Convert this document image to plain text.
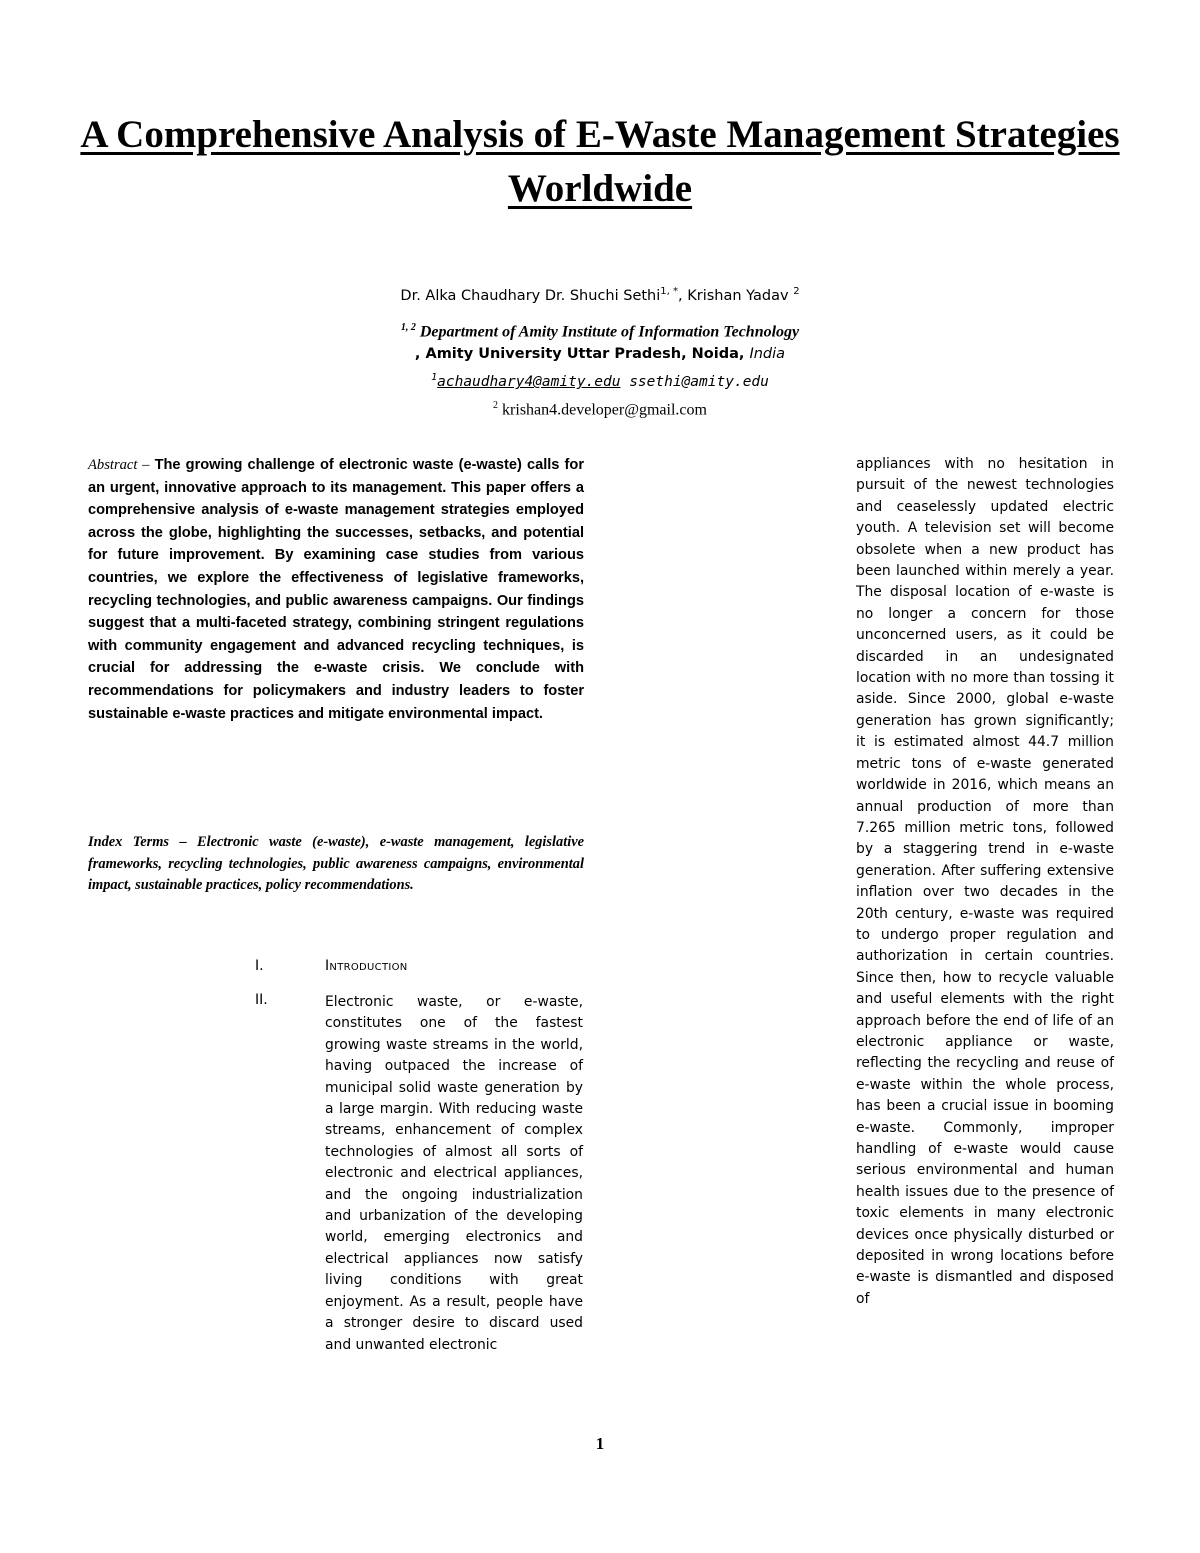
A Comprehensive Analysis of E-Waste Management Strategies Worldwide
Dr. Alka Chaudhary Dr. Shuchi Sethi$^{1, *}$, Krishan Yadav $^2$
$^{1, 2}$ Department of Amity Institute of Information Technology
, Amity University Uttar Pradesh, Noida, India
$^1$achaudhary4@amity.edu ssethi@amity.edu
$^2$ krishan4.developer@gmail.com
Abstract – The growing challenge of electronic waste (e-waste) calls for an urgent, innovative approach to its management. This paper offers a comprehensive analysis of e-waste management strategies employed across the globe, highlighting the successes, setbacks, and potential for future improvement. By examining case studies from various countries, we explore the effectiveness of legislative frameworks, recycling technologies, and public awareness campaigns. Our findings suggest that a multi-faceted strategy, combining stringent regulations with community engagement and advanced recycling techniques, is crucial for addressing the e-waste crisis. We conclude with recommendations for policymakers and industry leaders to foster sustainable e-waste practices and mitigate environmental impact.
Index Terms – Electronic waste (e-waste), e-waste management, legislative frameworks, recycling technologies, public awareness campaigns, environmental impact, sustainable practices, policy recommendations.
I.	Introduction
II.	Electronic waste, or e-waste, constitutes one of the fastest growing waste streams in the world, having outpaced the increase of municipal solid waste generation by a large margin. With reducing waste streams, enhancement of complex technologies of almost all sorts of electronic and electrical appliances, and the ongoing industrialization and urbanization of the developing world, emerging electronics and electrical appliances now satisfy living conditions with great enjoyment. As a result, people have a stronger desire to discard used and unwanted electronic
appliances with no hesitation in pursuit of the newest technologies and ceaselessly updated electric youth. A television set will become obsolete when a new product has been launched within merely a year. The disposal location of e-waste is no longer a concern for those unconcerned users, as it could be discarded in an undesignated location with no more than tossing it aside. Since 2000, global e-waste generation has grown significantly; it is estimated almost 44.7 million metric tons of e-waste generated worldwide in 2016, which means an annual production of more than 7.265 million metric tons, followed by a staggering trend in e-waste generation. After suffering extensive inflation over two decades in the 20th century, e-waste was required to undergo proper regulation and authorization in certain countries. Since then, how to recycle valuable and useful elements with the right approach before the end of life of an electronic appliance or waste, reflecting the recycling and reuse of e-waste within the whole process, has been a crucial issue in booming e-waste. Commonly, improper handling of e-waste would cause serious environmental and human health issues due to the presence of toxic elements in many electronic devices once physically disturbed or deposited in wrong locations before e-waste is dismantled and disposed of
1
